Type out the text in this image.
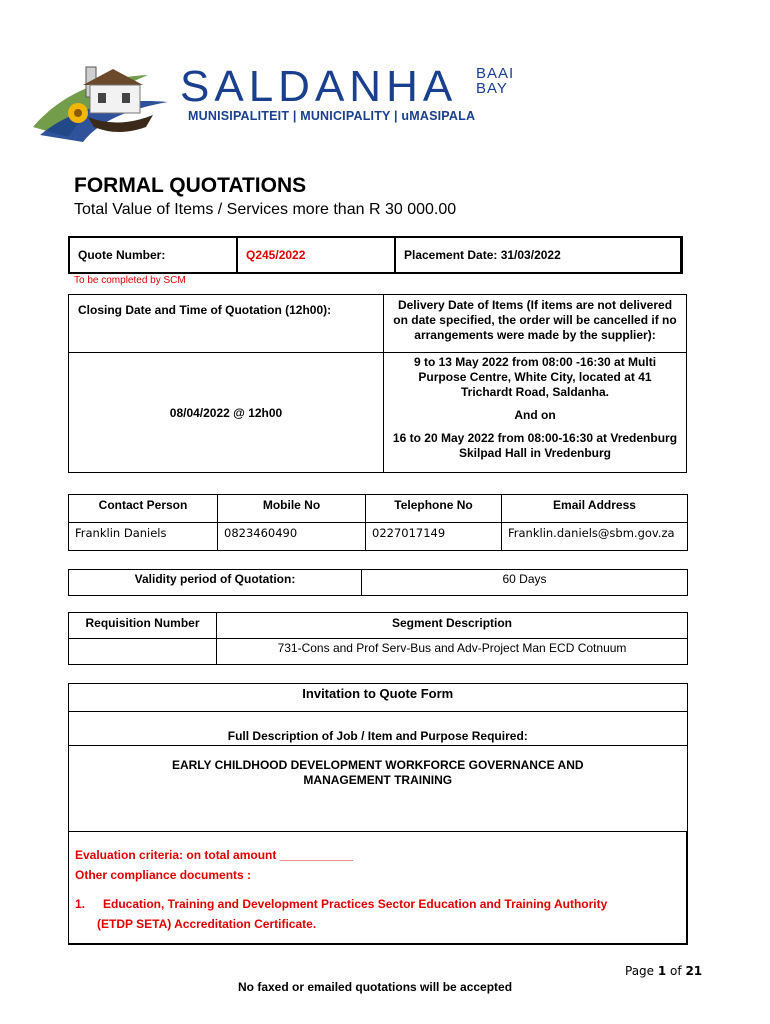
SALDANHA BAAI
BAY
MUNISIPALITEIT | MUNICIPALITY | uMASIPALA
FORMAL QUOTATIONS
Total Value of Items / Services more than R 30 000.00
Quote Number:	Q245/2022	Placement Date: 31/03/2022
To be completed by SCM
Closing Date and Time of Quotation (12h00):	Delivery Date of Items (If items are not delivered on date specified, the order will be cancelled if no arrangements were made by the supplier):
08/04/2022 @ 12h00	9 to 13 May 2022 from 08:00 -16:30 at Multi Purpose Centre, White City, located at 41 Trichardt Road, Saldanha.
And on
16 to 20 May 2022 from 08:00-16:30 at Vredenburg Skilpad Hall in Vredenburg
Contact Person	Mobile No	Telephone No	Email Address
Franklin Daniels	0823460490	0227017149	Franklin.daniels@sbm.gov.za
Validity period of Quotation:	60 Days
Requisition Number	Segment Description
	731-Cons and Prof Serv-Bus and Adv-Project Man ECD Cotnuum
Invitation to Quote Form
Full Description of Job / Item and Purpose Required:
EARLY CHILDHOOD DEVELOPMENT WORKFORCE GOVERNANCE AND MANAGEMENT TRAINING

Evaluation criteria: on total amount ___________
Other compliance documents :
1.	Education, Training and Development Practices Sector Education and Training Authority
(ETDP SETA) Accreditation Certificate.
Page 1 of 21
No faxed or emailed quotations will be accepted
